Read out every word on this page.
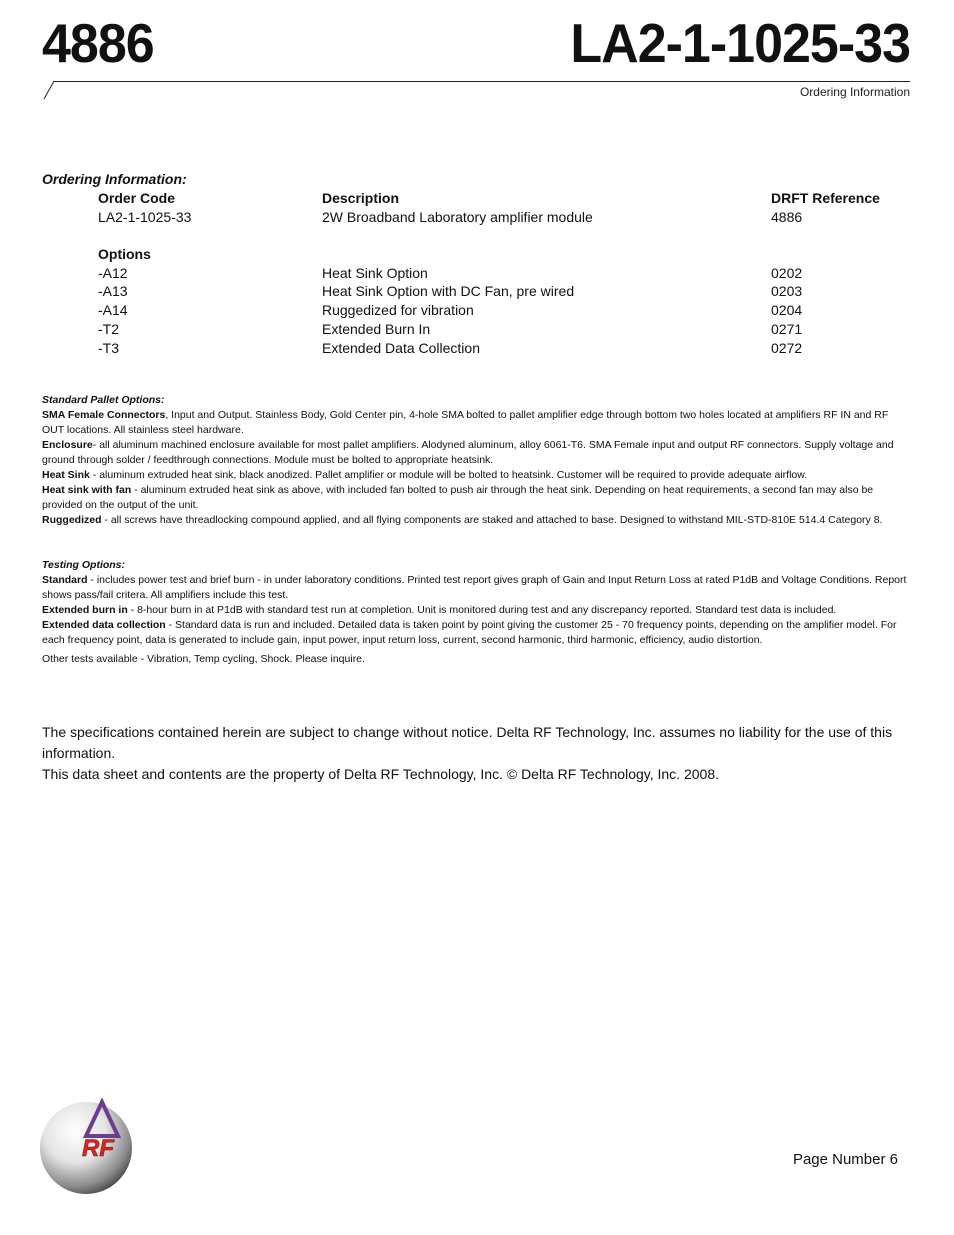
4886	LA2-1-1025-33
Ordering Information
Ordering Information:
Order Code	Description	DRFT Reference
LA2-1-1025-33	2W Broadband Laboratory amplifier module	4886
Options
-A12	Heat Sink Option	0202
-A13	Heat Sink Option with DC Fan, pre wired	0203
-A14	Ruggedized for vibration	0204
-T2	Extended Burn In	0271
-T3	Extended Data Collection	0272

Standard Pallet Options:

SMA Female Connectors, Input and Output. Stainless Body, Gold Center pin, 4-hole SMA bolted to pallet amplifier edge through bottom two holes located at amplifiers RF IN and RF OUT locations. All stainless steel hardware.

Enclosure- all aluminum machined enclosure available for most pallet amplifiers. Alodyned aluminum, alloy 6061-T6. SMA Female input and output RF connectors. Supply voltage and ground through solder / feedthrough connections. Module must be bolted to appropriate heatsink.

Heat Sink - aluminum extruded heat sink, black anodized. Pallet amplifier or module will be bolted to heatsink. Customer will be required to provide adequate airflow.

Heat sink with fan - aluminum extruded heat sink as above, with included fan bolted to push air through the heat sink. Depending on heat requirements, a second fan may also be provided on the output of the unit.

Ruggedized - all screws have threadlocking compound applied, and all flying components are staked and attached to base. Designed to withstand MIL-STD-810E 514.4 Category 8.

Testing Options:

Standard - includes power test and brief burn - in under laboratory conditions. Printed test report gives graph of Gain and Input Return Loss at rated P1dB and Voltage Conditions. Report shows pass/fail critera. All amplifiers include this test.

Extended burn in - 8-hour burn in at P1dB with standard test run at completion. Unit is monitored during test and any discrepancy reported. Standard test data is included.

Extended data collection - Standard data is run and included. Detailed data is taken point by point giving the customer 25 - 70 frequency points, depending on the amplifier model. For each frequency point, data is generated to include gain, input power, input return loss, current, second harmonic, third harmonic, efficiency, audio distortion.

Other tests available - Vibration, Temp cycling, Shock. Please inquire.

The specifications contained herein are subject to change without notice. Delta RF Technology, Inc. assumes no liability for the use of this information.

This data sheet and contents are the property of Delta RF Technology, Inc. © Delta RF Technology, Inc. 2008.

RF	Page Number 6
